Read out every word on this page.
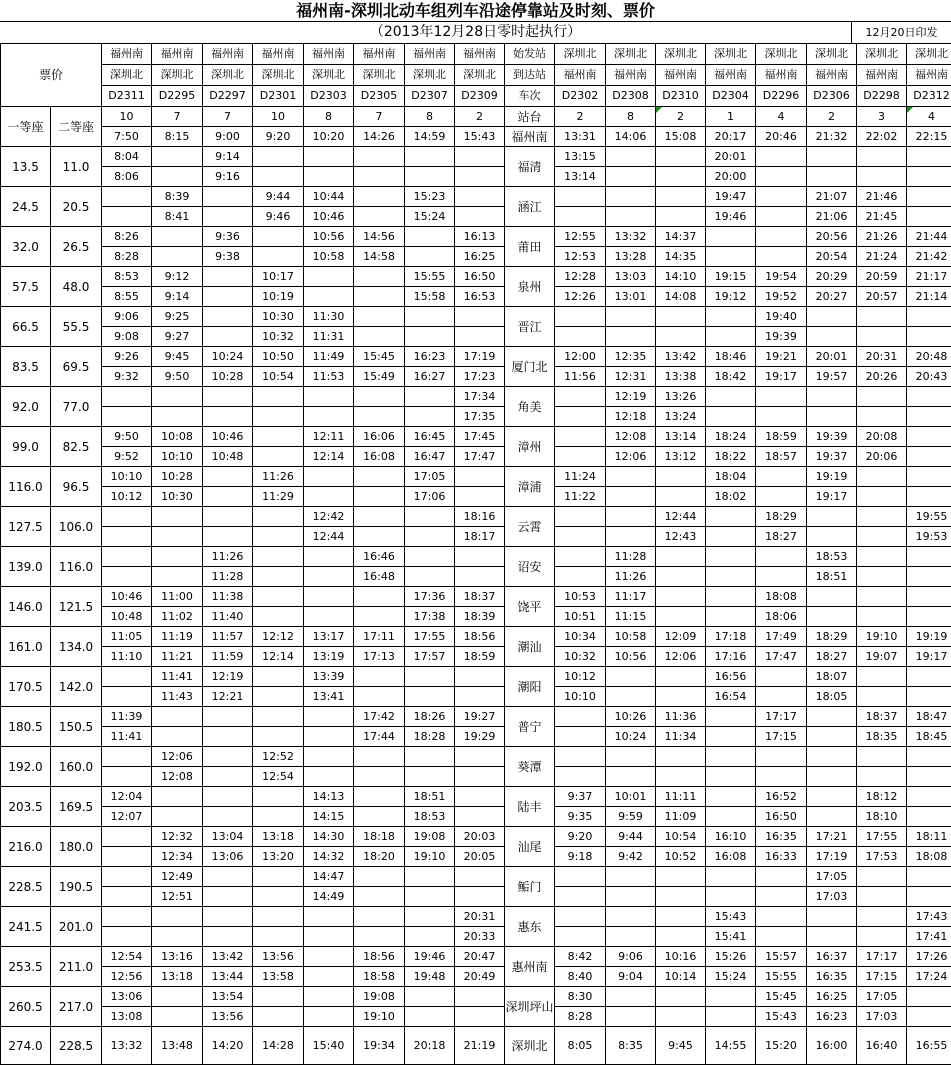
福州南-深圳北动车组列车沿途停靠站及时刻、票价
（2013年12月28日零时起执行）	12月20日印发
票价		福州南	福州南	福州南	福州南	福州南	福州南	福州南	福州南	始发站	深圳北	深圳北	深圳北	深圳北	深圳北	深圳北	深圳北	深圳北
		深圳北	深圳北	深圳北	深圳北	深圳北	深圳北	深圳北	深圳北	到达站	福州南	福州南	福州南	福州南	福州南	福州南	福州南	福州南
		D2311	D2295	D2297	D2301	D2303	D2305	D2307	D2309	车次	D2302	D2308	D2310	D2304	D2296	D2306	D2298	D2312
一等座	二等座	10	7	7	10	8	7	8	2	站台	2	8	2	1	4	2	3	4
		7:50	8:15	9:00	9:20	10:20	14:26	14:59	15:43	福州南	13:31	14:06	15:08	20:17	20:46	21:32	22:02	22:15
13.5	11.0	8:04		9:14						福清	13:15			20:01				
		8:06		9:16							13:14			20:00				
24.5	20.5		8:39		9:44	10:44		15:23		涵江				19:47		21:07	21:46	
			8:41		9:46	10:46		15:24						19:46		21:06	21:45	
32.0	26.5	8:26		9:36		10:56	14:56		16:13	莆田	12:55	13:32	14:37			20:56	21:26	21:44
		8:28		9:38		10:58	14:58		16:25		12:53	13:28	14:35			20:54	21:24	21:42
57.5	48.0	8:53	9:12		10:17			15:55	16:50	泉州	12:28	13:03	14:10	19:15	19:54	20:29	20:59	21:17
		8:55	9:14		10:19			15:58	16:53		12:26	13:01	14:08	19:12	19:52	20:27	20:57	21:14
66.5	55.5	9:06	9:25		10:30	11:30				晋江					19:40			
		9:08	9:27		10:32	11:31									19:39			
83.5	69.5	9:26	9:45	10:24	10:50	11:49	15:45	16:23	17:19	厦门北	12:00	12:35	13:42	18:46	19:21	20:01	20:31	20:48
		9:32	9:50	10:28	10:54	11:53	15:49	16:27	17:23		11:56	12:31	13:38	18:42	19:17	19:57	20:26	20:43
92.0	77.0								17:34	角美		12:19	13:26					
									17:35			12:18	13:24					
99.0	82.5	9:50	10:08	10:46		12:11	16:06	16:45	17:45	漳州		12:08	13:14	18:24	18:59	19:39	20:08	
		9:52	10:10	10:48		12:14	16:08	16:47	17:47			12:06	13:12	18:22	18:57	19:37	20:06	
116.0	96.5	10:10	10:28		11:26			17:05		漳浦	11:24			18:04		19:19		
		10:12	10:30		11:29			17:06			11:22			18:02		19:17		
127.5	106.0					12:42			18:16	云霄			12:44		18:29			19:55
						12:44			18:17				12:43		18:27			19:53
139.0	116.0			11:26			16:46			诏安		11:28				18:53		
				11:28			16:48					11:26				18:51		
146.0	121.5	10:46	11:00	11:38				17:36	18:37	饶平	10:53	11:17			18:08			
		10:48	11:02	11:40				17:38	18:39		10:51	11:15			18:06			
161.0	134.0	11:05	11:19	11:57	12:12	13:17	17:11	17:55	18:56	潮汕	10:34	10:58	12:09	17:18	17:49	18:29	19:10	19:19
		11:10	11:21	11:59	12:14	13:19	17:13	17:57	18:59		10:32	10:56	12:06	17:16	17:47	18:27	19:07	19:17
170.5	142.0		11:41	12:19		13:39				潮阳	10:12			16:56		18:07		
			11:43	12:21		13:41					10:10			16:54		18:05		
180.5	150.5	11:39					17:42	18:26	19:27	普宁		10:26	11:36		17:17		18:37	18:47
		11:41					17:44	18:28	19:29			10:24	11:34		17:15		18:35	18:45
192.0	160.0		12:06		12:52					葵潭								
			12:08		12:54													
203.5	169.5	12:04				14:13		18:51		陆丰	9:37	10:01	11:11		16:52		18:12	
		12:07				14:15		18:53			9:35	9:59	11:09		16:50		18:10	
216.0	180.0		12:32	13:04	13:18	14:30	18:18	19:08	20:03	汕尾	9:20	9:44	10:54	16:10	16:35	17:21	17:55	18:11
			12:34	13:06	13:20	14:32	18:20	19:10	20:05		9:18	9:42	10:52	16:08	16:33	17:19	17:53	18:08
228.5	190.5		12:49			14:47				鲘门						17:05		
			12:51			14:49										17:03		
241.5	201.0								20:31	惠东				15:43				17:43
									20:33					15:41				17:41
253.5	211.0	12:54	13:16	13:42	13:56		18:56	19:46	20:47	惠州南	8:42	9:06	10:16	15:26	15:57	16:37	17:17	17:26
		12:56	13:18	13:44	13:58		18:58	19:48	20:49		8:40	9:04	10:14	15:24	15:55	16:35	17:15	17:24
260.5	217.0	13:06		13:54			19:08			深圳坪山	8:30				15:45	16:25	17:05	
		13:08		13:56			19:10				8:28				15:43	16:23	17:03	
274.0	228.5	13:32	13:48	14:20	14:28	15:40	19:34	20:18	21:19	深圳北	8:05	8:35	9:45	14:55	15:20	16:00	16:40	16:55
